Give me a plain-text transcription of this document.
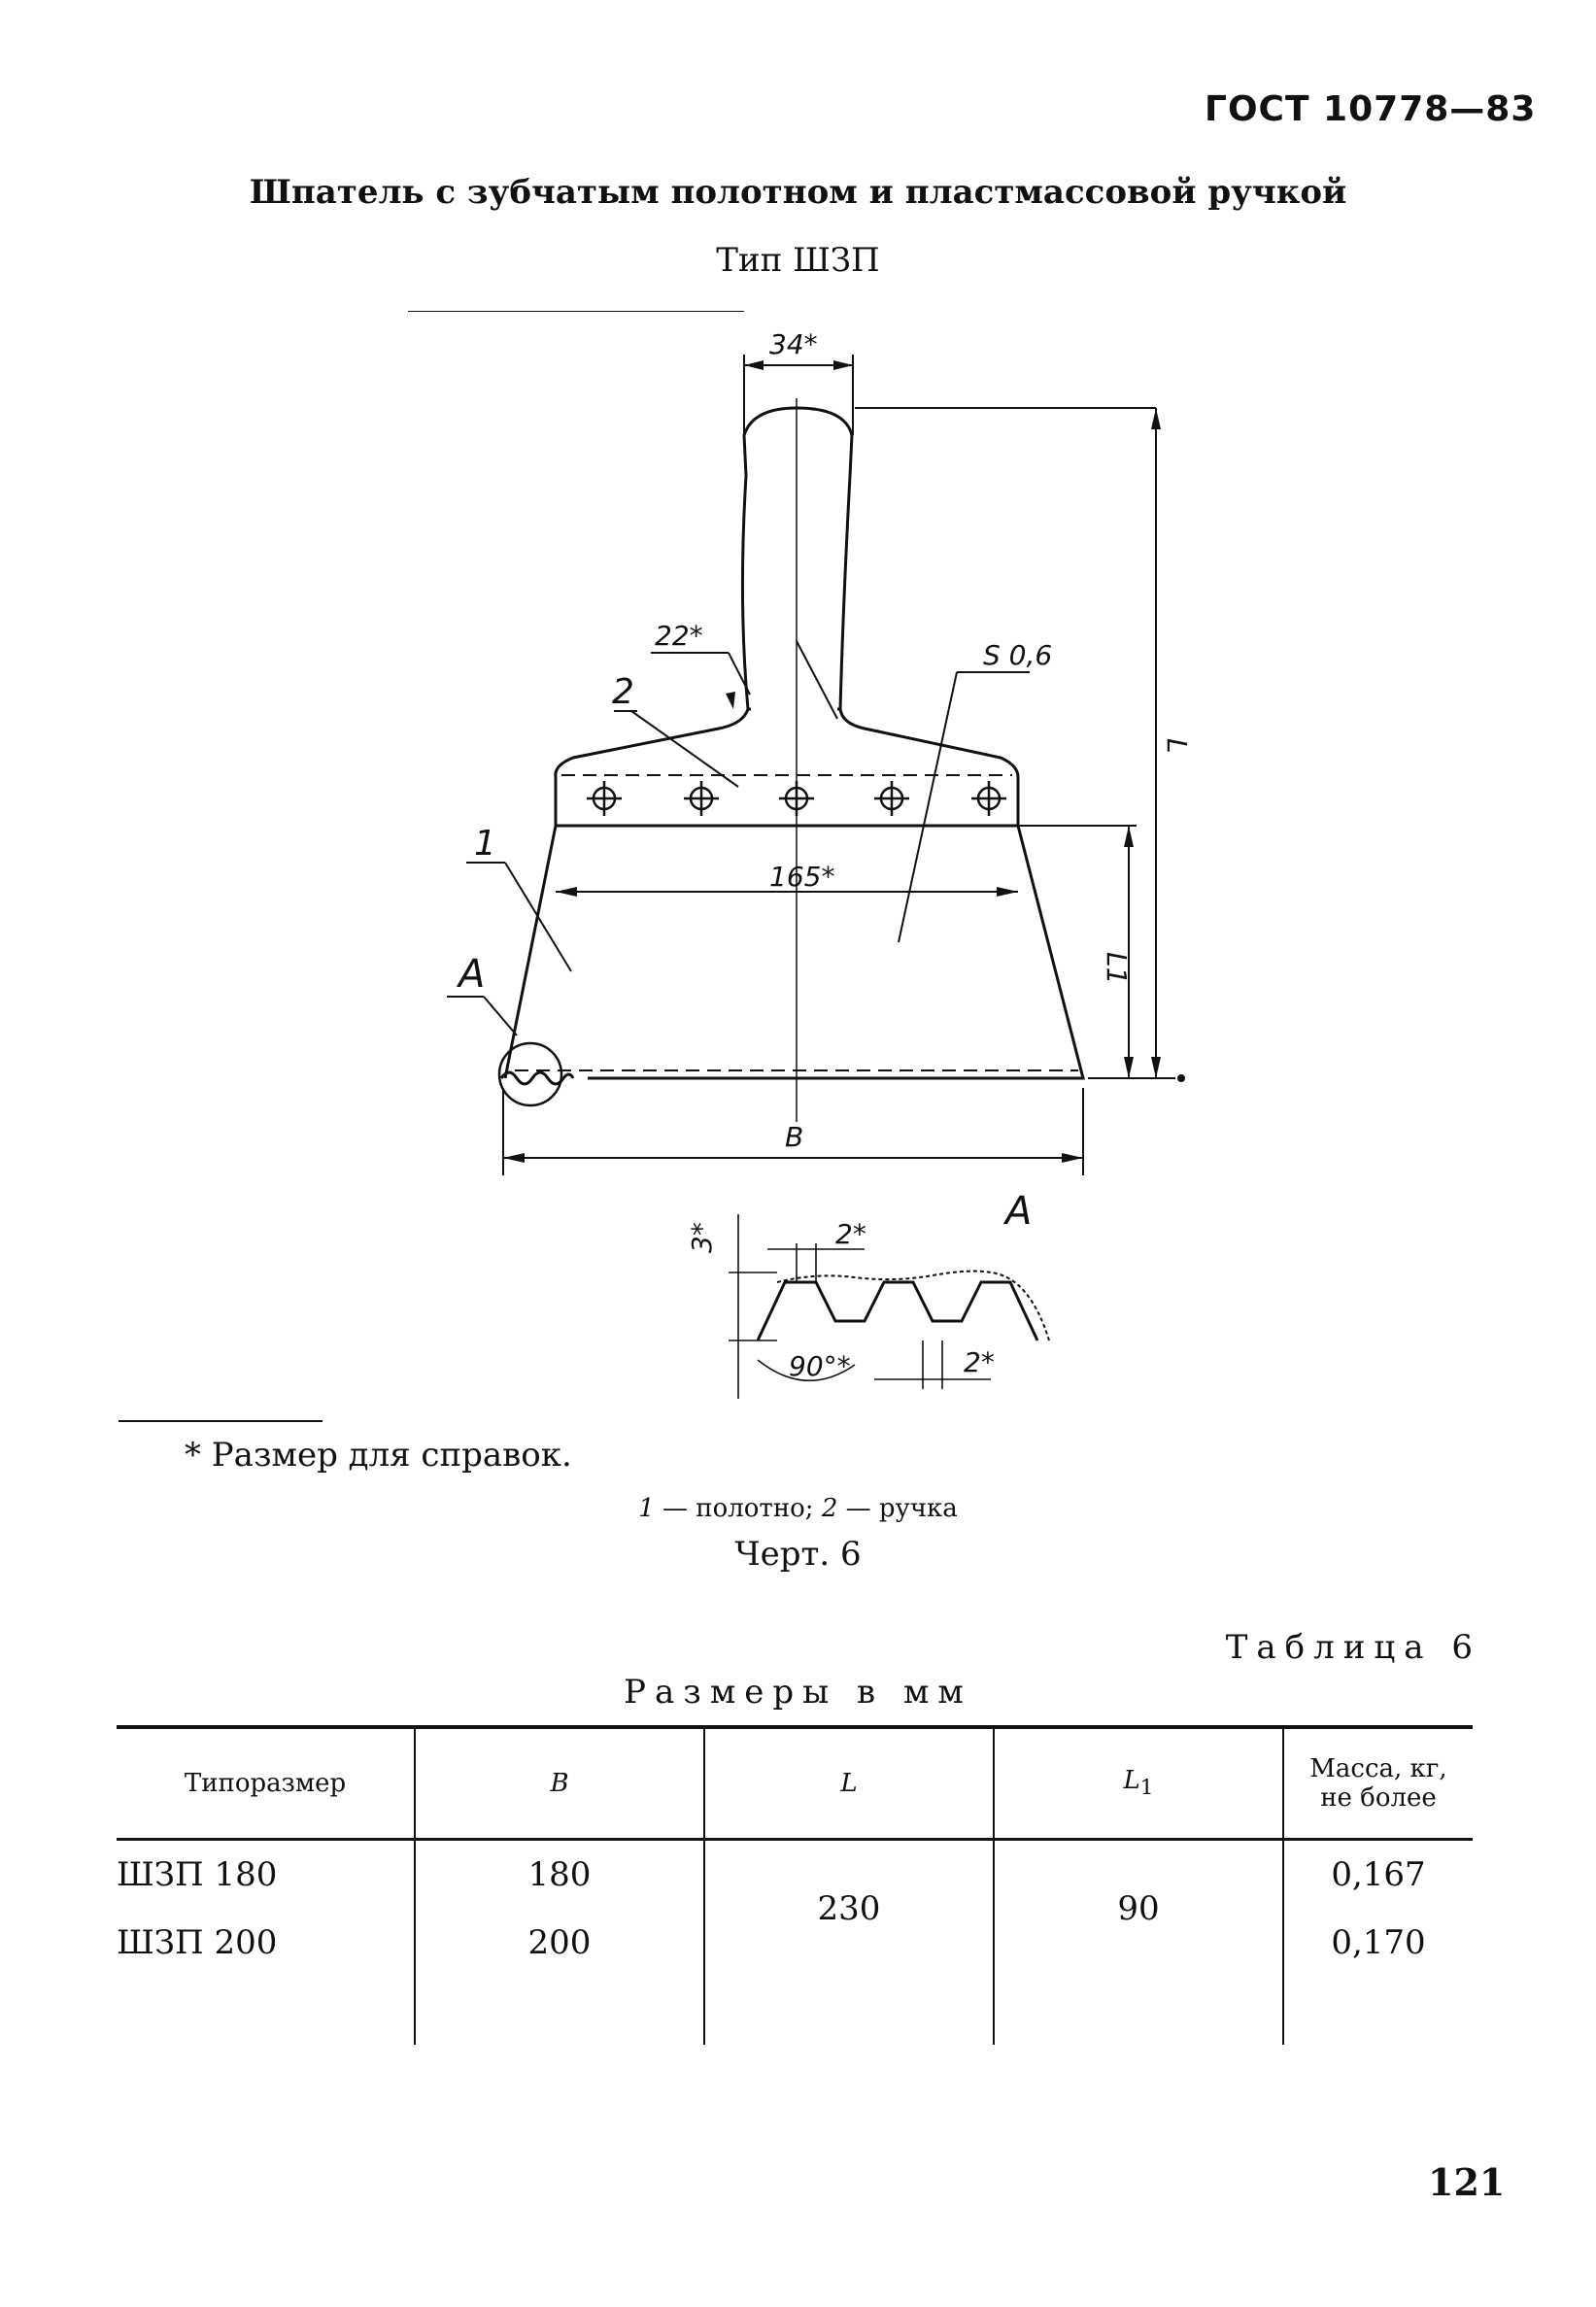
ГОСТ 10778—83
Шпатель с зубчатым полотном и пластмассовой ручкой
Тип ШЗП
34*
22*
S 0,6
165*
B
L
L1
2
1
A
3*	2*
90°*	2*
A
* Размер для справок.
1 — полотно; 2 — ручка
Черт. 6
Таблица 6
Размеры в мм
Типоразмер	B	L	$L_1$	Масса, кг,
не более

ШЗП 180	180	230	90	0,167
ШЗП 200	200			0,170

121
